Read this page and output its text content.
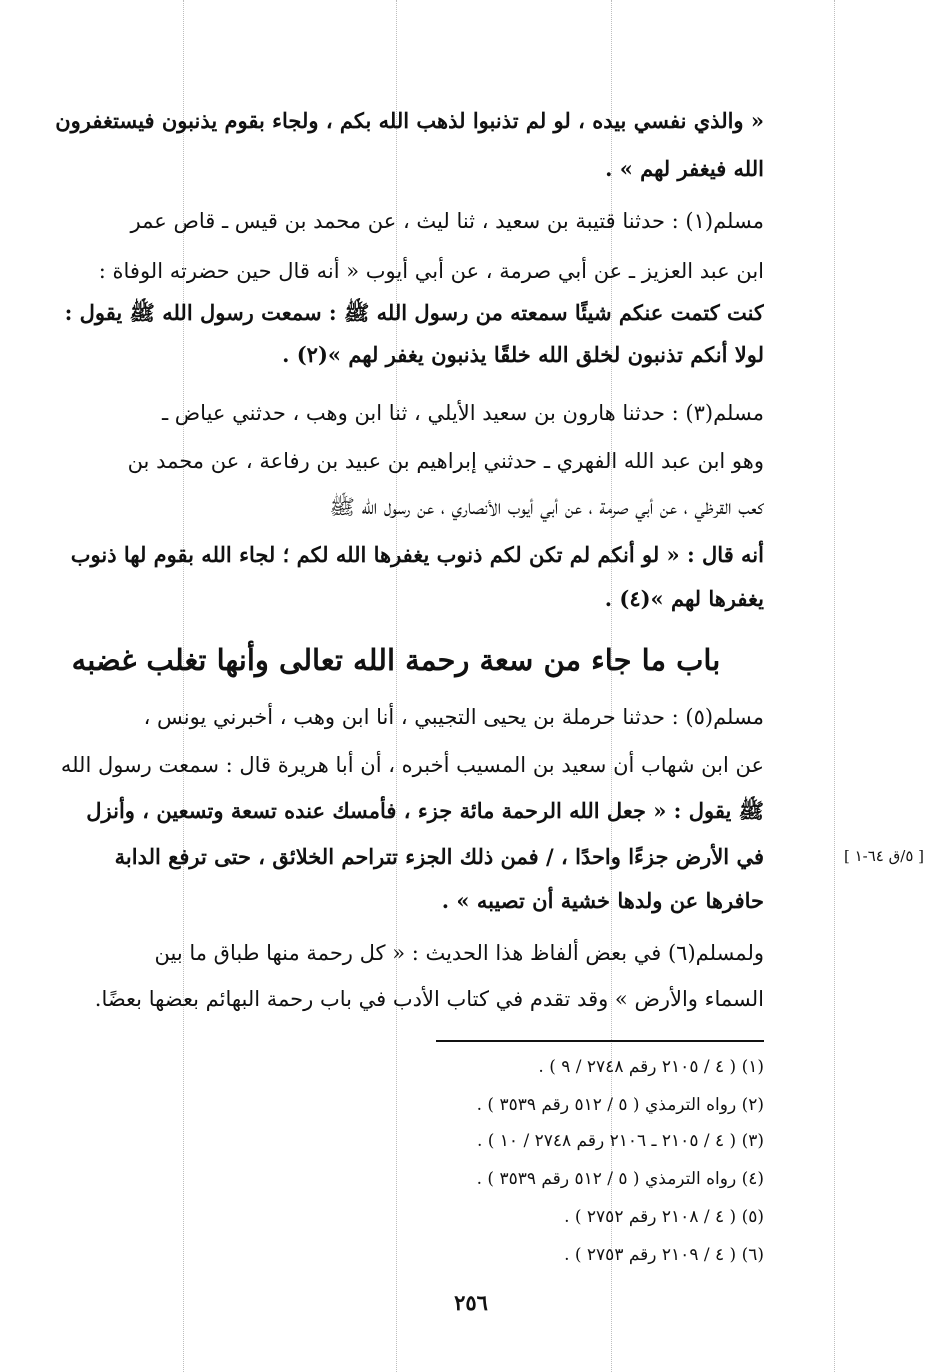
« والذي نفسي بيده ، لو لم تذنبوا لذهب الله بكم ، ولجاء بقوم يذنبون فيستغفرون
الله فيغفر لهم » .
مسلم(١) : حدثنا قتيبة بن سعيد ، ثنا ليث ، عن محمد بن قيس ـ قاص عمر
ابن عبد العزيز ـ عن أبي صرمة ، عن أبي أيوب « أنه قال حين حضرته الوفاة :
كنت كتمت عنكم شيئًا سمعته من رسول الله ﷺ : سمعت رسول الله ﷺ يقول :
لولا أنكم تذنبون لخلق الله خلقًا يذنبون يغفر لهم »(٢) .
مسلم(٣) : حدثنا هارون بن سعيد الأيلي ، ثنا ابن وهب ، حدثني عياض ـ
وهو ابن عبد الله الفهري ـ حدثني إبراهيم بن عبيد بن رفاعة ، عن محمد بن
كعب القرظي ، عن أبي صرمة ، عن أبي أيوب الأنصاري ، عن رسول الله ﷺ
أنه قال : « لو أنكم لم تكن لكم ذنوب يغفرها الله لكم ؛ لجاء الله بقوم لها ذنوب
يغفرها لهم »(٤) .
باب ما جاء من سعة رحمة الله تعالى وأنها تغلب غضبه
مسلم(٥) : حدثنا حرملة بن يحيى التجيبي ، أنا ابن وهب ، أخبرني يونس ،
عن ابن شهاب أن سعيد بن المسيب أخبره ، أن أبا هريرة قال : سمعت رسول الله
ﷺ يقول : « جعل الله الرحمة مائة جزء ، فأمسك عنده تسعة وتسعين ، وأنزل
في الأرض جزءًا واحدًا ، / فمن ذلك الجزء تتراحم الخلائق ، حتى ترفع الدابة
حافرها عن ولدها خشية أن تصيبه » .
[ ٥/ق ٦٤-١ ]
ولمسلم(٦) في بعض ألفاظ هذا الحديث : « كل رحمة منها طباق ما بين
السماء والأرض » وقد تقدم في كتاب الأدب في باب رحمة البهائم بعضها بعضًا.
(١) ( ٤ / ٢١٠٥ رقم ٢٧٤٨ / ٩ ) .
(٢) رواه الترمذي ( ٥ / ٥١٢ رقم ٣٥٣٩ ) .
(٣) ( ٤ / ٢١٠٥ ـ ٢١٠٦ رقم ٢٧٤٨ / ١٠ ) .
(٤) رواه الترمذي ( ٥ / ٥١٢ رقم ٣٥٣٩ ) .
(٥) ( ٤ / ٢١٠٨ رقم ٢٧٥٢ ) .
(٦) ( ٤ / ٢١٠٩ رقم ٢٧٥٣ ) .
٢٥٦
